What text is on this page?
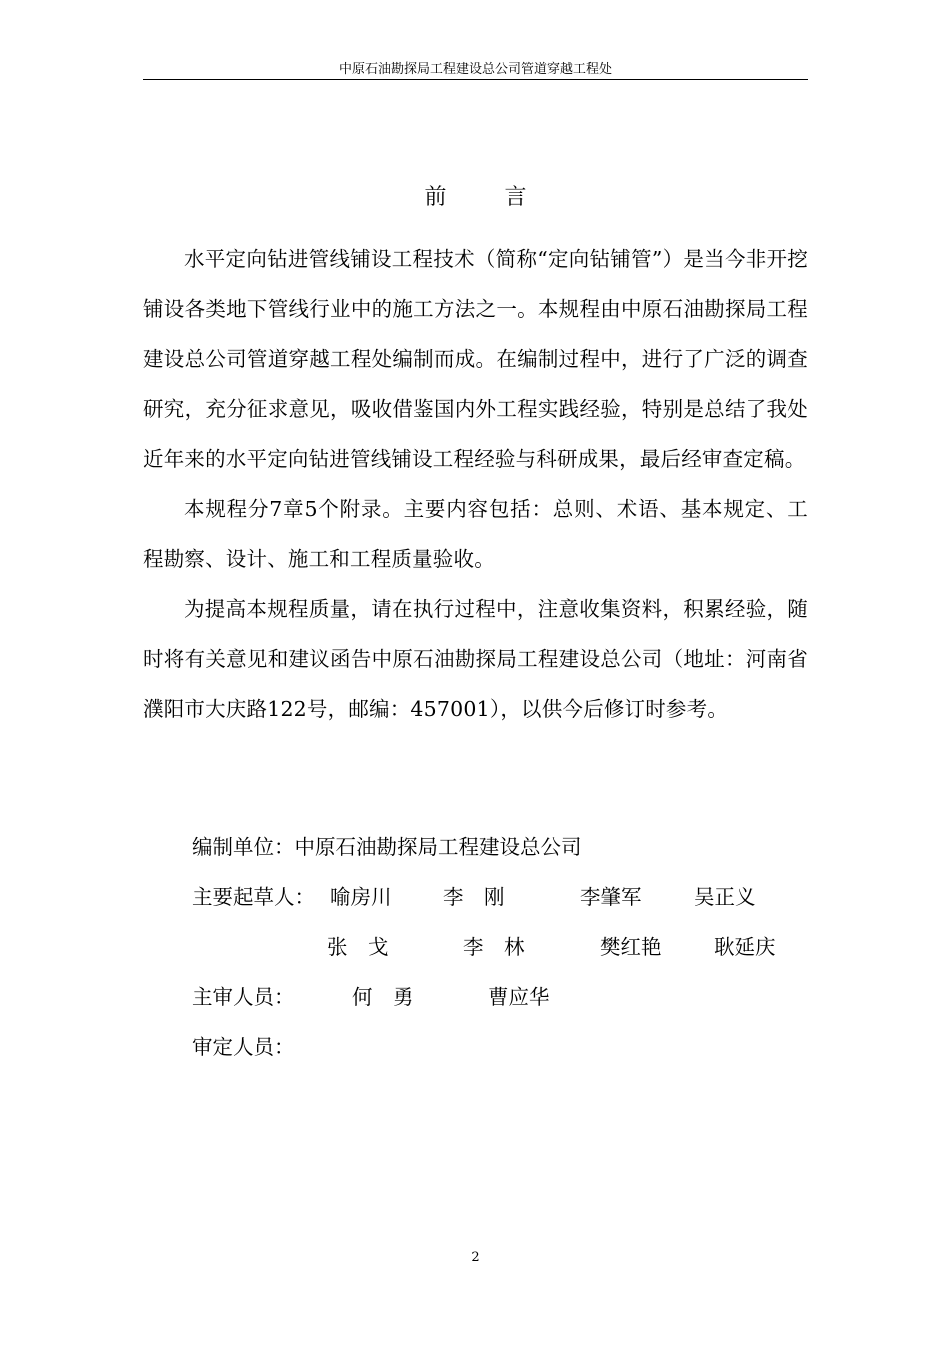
中原石油勘探局工程建设总公司管道穿越工程处
前	言

水平定向钻进管线铺设工程技术（简称“定向钻铺管”）是当今非开挖铺设各类地下管线行业中的施工方法之一。本规程由中原石油勘探局工程建设总公司管道穿越工程处编制而成。在编制过程中，进行了广泛的调查研究，充分征求意见，吸收借鉴国内外工程实践经验，特别是总结了我处近年来的水平定向钻进管线铺设工程经验与科研成果，最后经审查定稿。

本规程分7章5个附录。主要内容包括：总则、术语、基本规定、工程勘察、设计、施工和工程质量验收。

为提高本规程质量，请在执行过程中，注意收集资料，积累经验，随时将有关意见和建议函告中原石油勘探局工程建设总公司（地址：河南省濮阳市大庆路122号，邮编：457001），以供今后修订时参考。

编制单位：中原石油勘探局工程建设总公司
主要起草人： 喻房川	李　刚	李肇军	吴正义
张　戈	李　林	樊红艳	耿延庆
主审人员：	何　勇	曹应华
审定人员：
2
